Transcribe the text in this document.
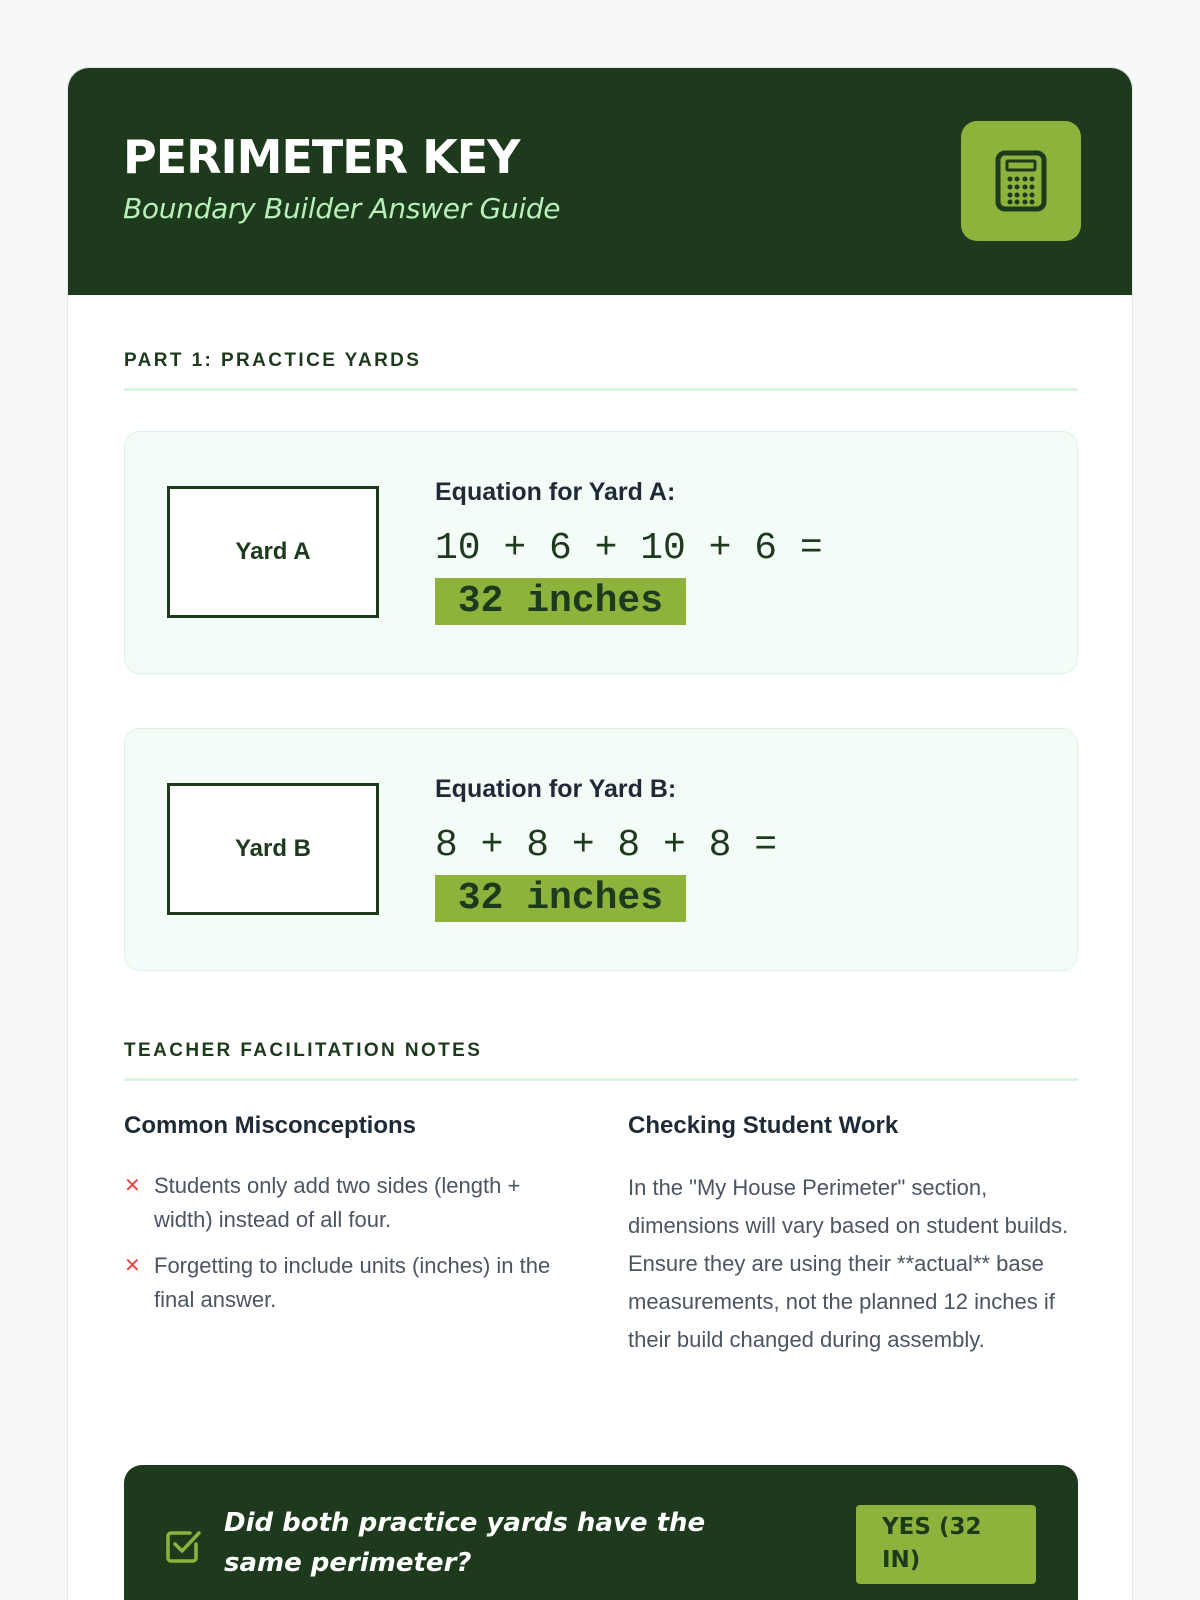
PERIMETER KEY
Boundary Builder Answer Guide
PART 1: PRACTICE YARDS
Yard A
Equation for Yard A:
10 + 6 + 10 + 6 =  32 inches
Yard B
Equation for Yard B:
8 + 8 + 8 + 8 =  32 inches
TEACHER FACILITATION NOTES
Common Misconceptions
✕ Students only add two sides (length + width) instead of all four.
✕ Forgetting to include units (inches) in the final answer.
Checking Student Work
In the "My House Perimeter" section, dimensions will vary based on student builds. Ensure they are using their **actual** base measurements, not the planned 12 inches if their build changed during assembly.
Did both practice yards have the same perimeter?
YES (32 IN)
